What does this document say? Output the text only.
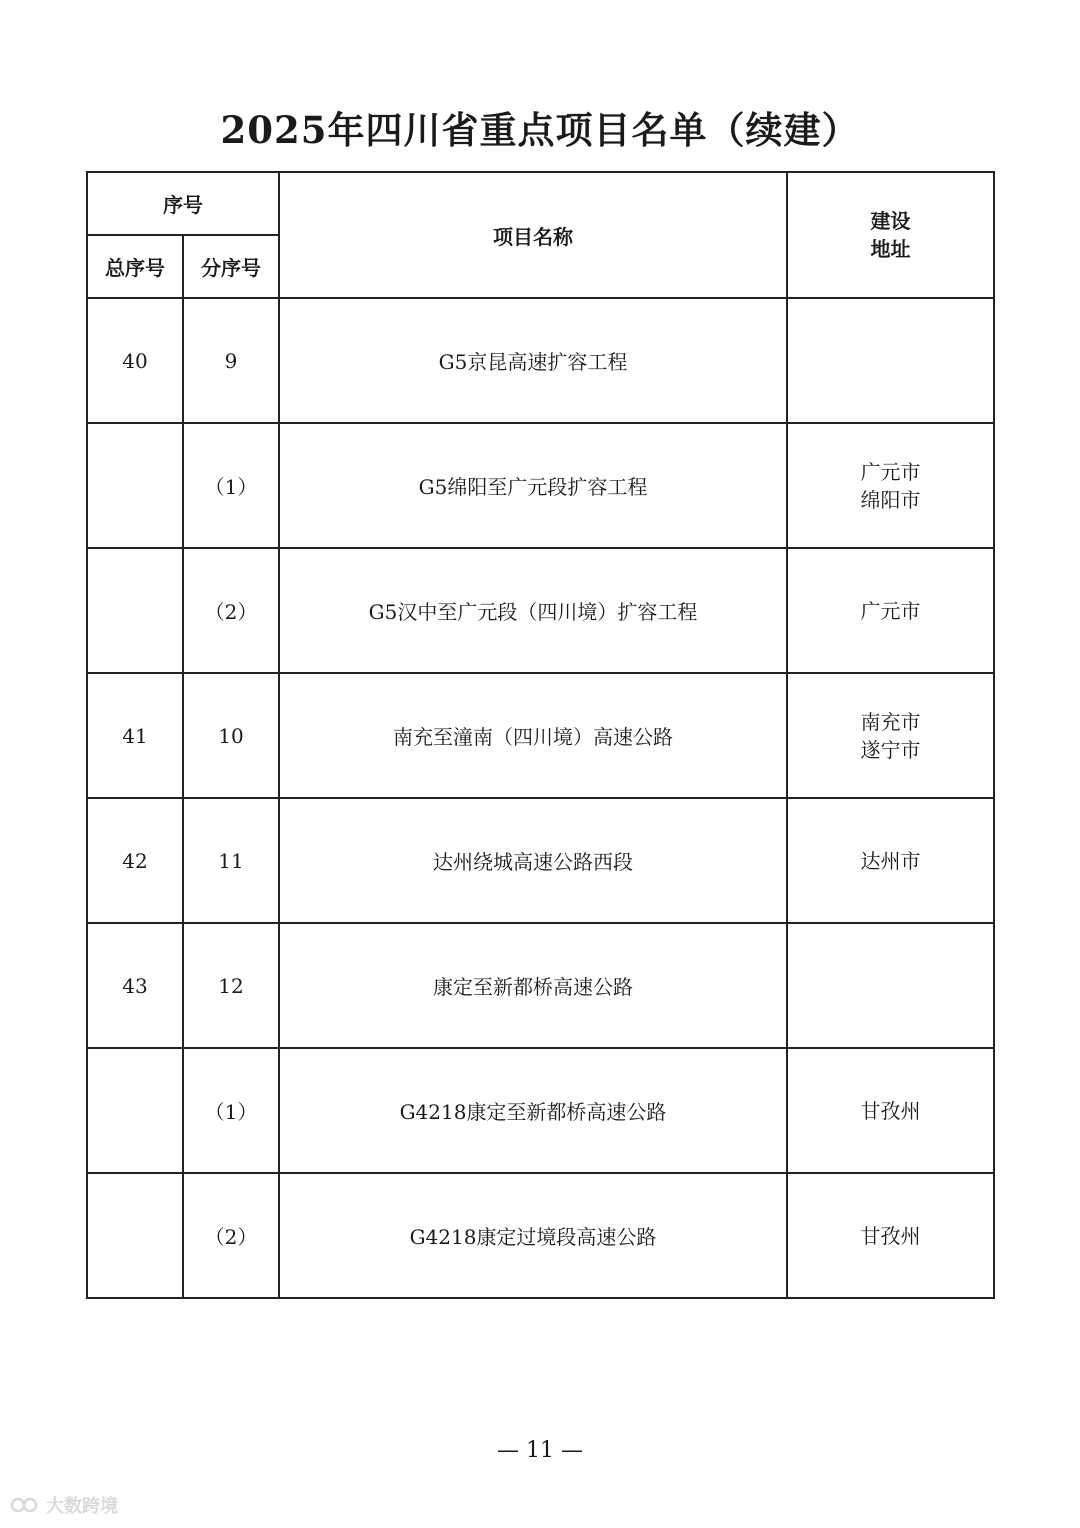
2025年四川省重点项目名单（续建）
序号		项目名称	建设
地址
总序号	分序号		
40	9	G5京昆高速扩容工程	
	（1）	G5绵阳至广元段扩容工程	广元市
绵阳市

	（2）	G5汉中至广元段（四川境）扩容工程	广元市

41	10	南充至潼南（四川境）高速公路	南充市
遂宁市

42	11	达州绕城高速公路西段	达州市

43	12	康定至新都桥高速公路	
	（1）	G4218康定至新都桥高速公路	甘孜州

	（2）	G4218康定过境段高速公路	甘孜州
— 11 —
大数跨境
